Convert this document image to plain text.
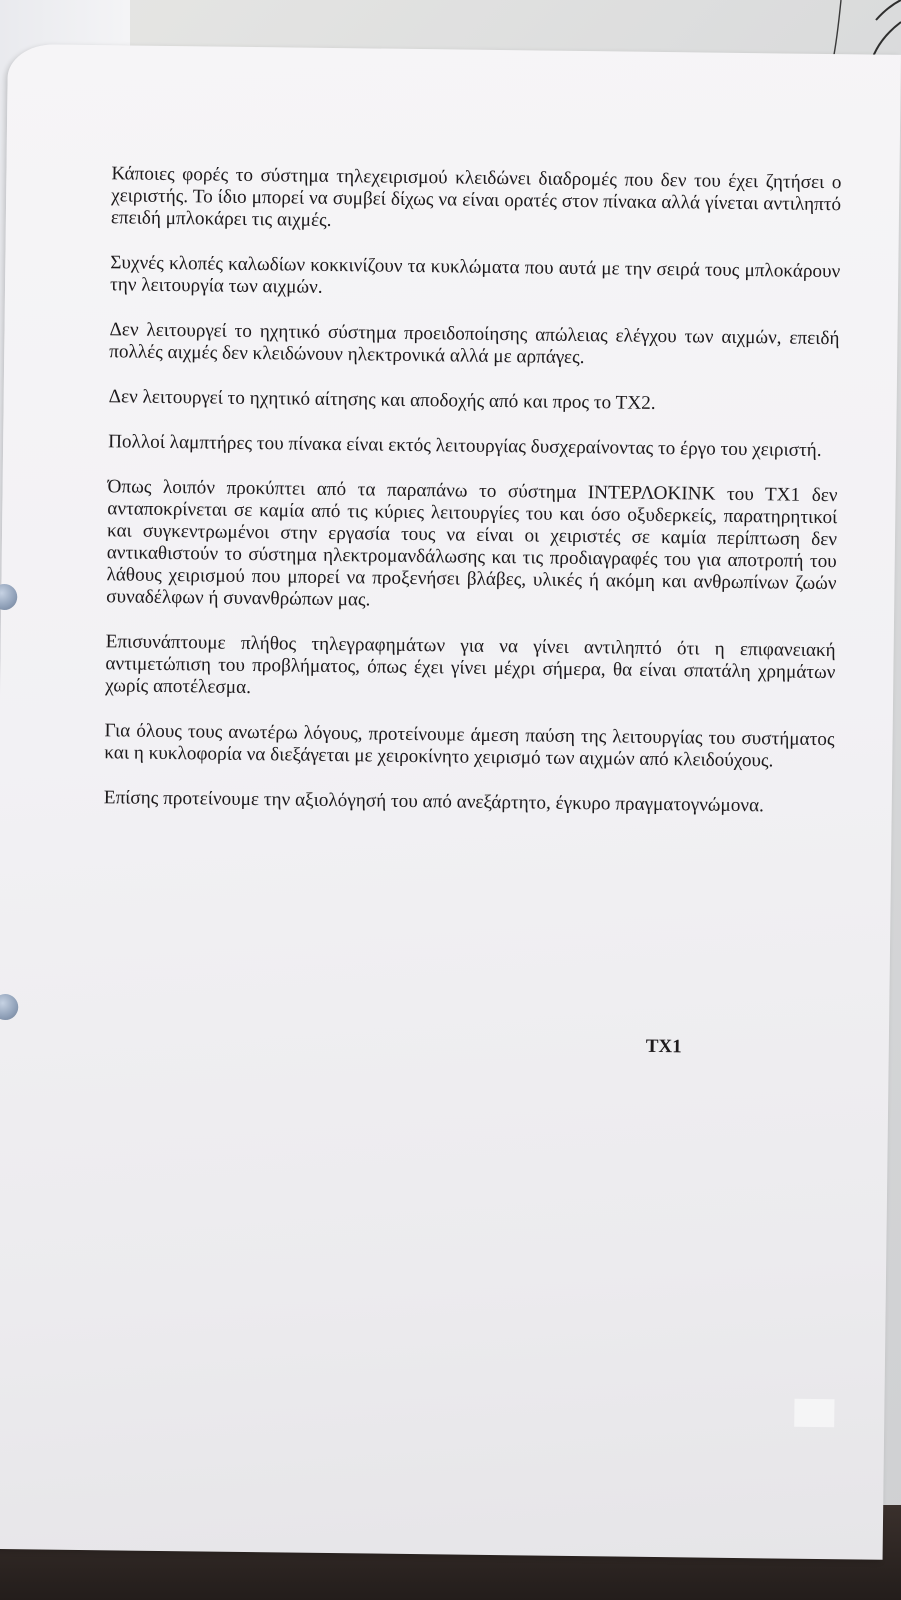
Κάποιες φορές το σύστημα τηλεχειρισμού κλειδώνει διαδρομές που δεν του έχει ζητήσει ο χειριστής. Το ίδιο μπορεί να συμβεί δίχως να είναι ορατές στον πίνακα αλλά γίνεται αντιληπτό επειδή μπλοκάρει τις αιχμές.

Συχνές κλοπές καλωδίων κοκκινίζουν τα κυκλώματα που αυτά με την σειρά τους μπλοκάρουν την λειτουργία των αιχμών.

Δεν λειτουργεί το ηχητικό σύστημα προειδοποίησης απώλειας ελέγχου των αιχμών, επειδή πολλές αιχμές δεν κλειδώνουν ηλεκτρονικά αλλά με αρπάγες.

Δεν λειτουργεί το ηχητικό αίτησης και αποδοχής από και προς το ΤΧ2.

Πολλοί λαμπτήρες του πίνακα είναι εκτός λειτουργίας δυσχεραίνοντας το έργο του χειριστή.

Όπως λοιπόν προκύπτει από τα παραπάνω το σύστημα ΙΝΤΕΡΛΟΚΙΝΚ του ΤΧ1 δεν ανταποκρίνεται σε καμία από τις κύριες λειτουργίες του και όσο οξυδερκείς, παρατηρητικοί και συγκεντρωμένοι στην εργασία τους να είναι οι χειριστές σε καμία περίπτωση δεν αντικαθιστούν το σύστημα ηλεκτρομανδάλωσης και τις προδιαγραφές του για αποτροπή του λάθους χειρισμού που μπορεί να προξενήσει βλάβες, υλικές ή ακόμη και ανθρωπίνων ζωών συναδέλφων ή συνανθρώπων μας.

Επισυνάπτουμε πλήθος τηλεγραφημάτων για να γίνει αντιληπτό ότι η επιφανειακή αντιμετώπιση του προβλήματος, όπως έχει γίνει μέχρι σήμερα, θα είναι σπατάλη χρημάτων χωρίς αποτέλεσμα.

Για όλους τους ανωτέρω λόγους, προτείνουμε άμεση παύση της λειτουργίας του συστήματος και η κυκλοφορία να διεξάγεται με χειροκίνητο χειρισμό των αιχμών από κλειδούχους.

Επίσης προτείνουμε την αξιολόγησή του από ανεξάρτητο, έγκυρο πραγματογνώμονα.

ΤΧ1
